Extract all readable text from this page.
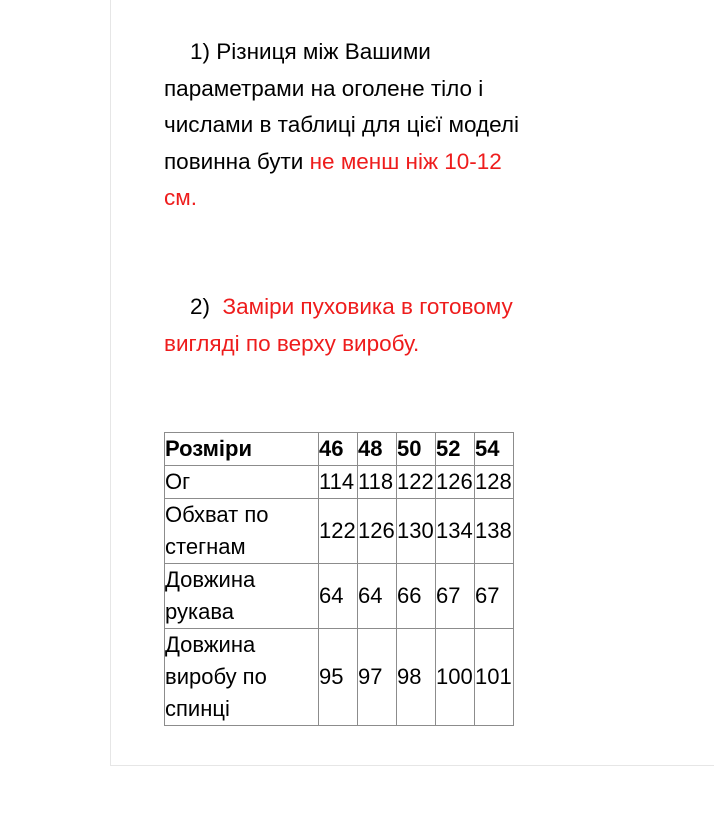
1) Різниця між Вашими параметрами на оголене тіло і числами в таблиці для цієї моделі повинна бути не менш ніж 10-12 см.

2) Заміри пуховика в готовому вигляді по верху виробу.

Розміри	46	48	50	52	54
Ог	114	118	122	126	128
Обхват по стегнам	122	126	130	134	138
Довжина рукава	64	64	66	67	67
Довжина виробу по спинці	95	97	98	100	101
